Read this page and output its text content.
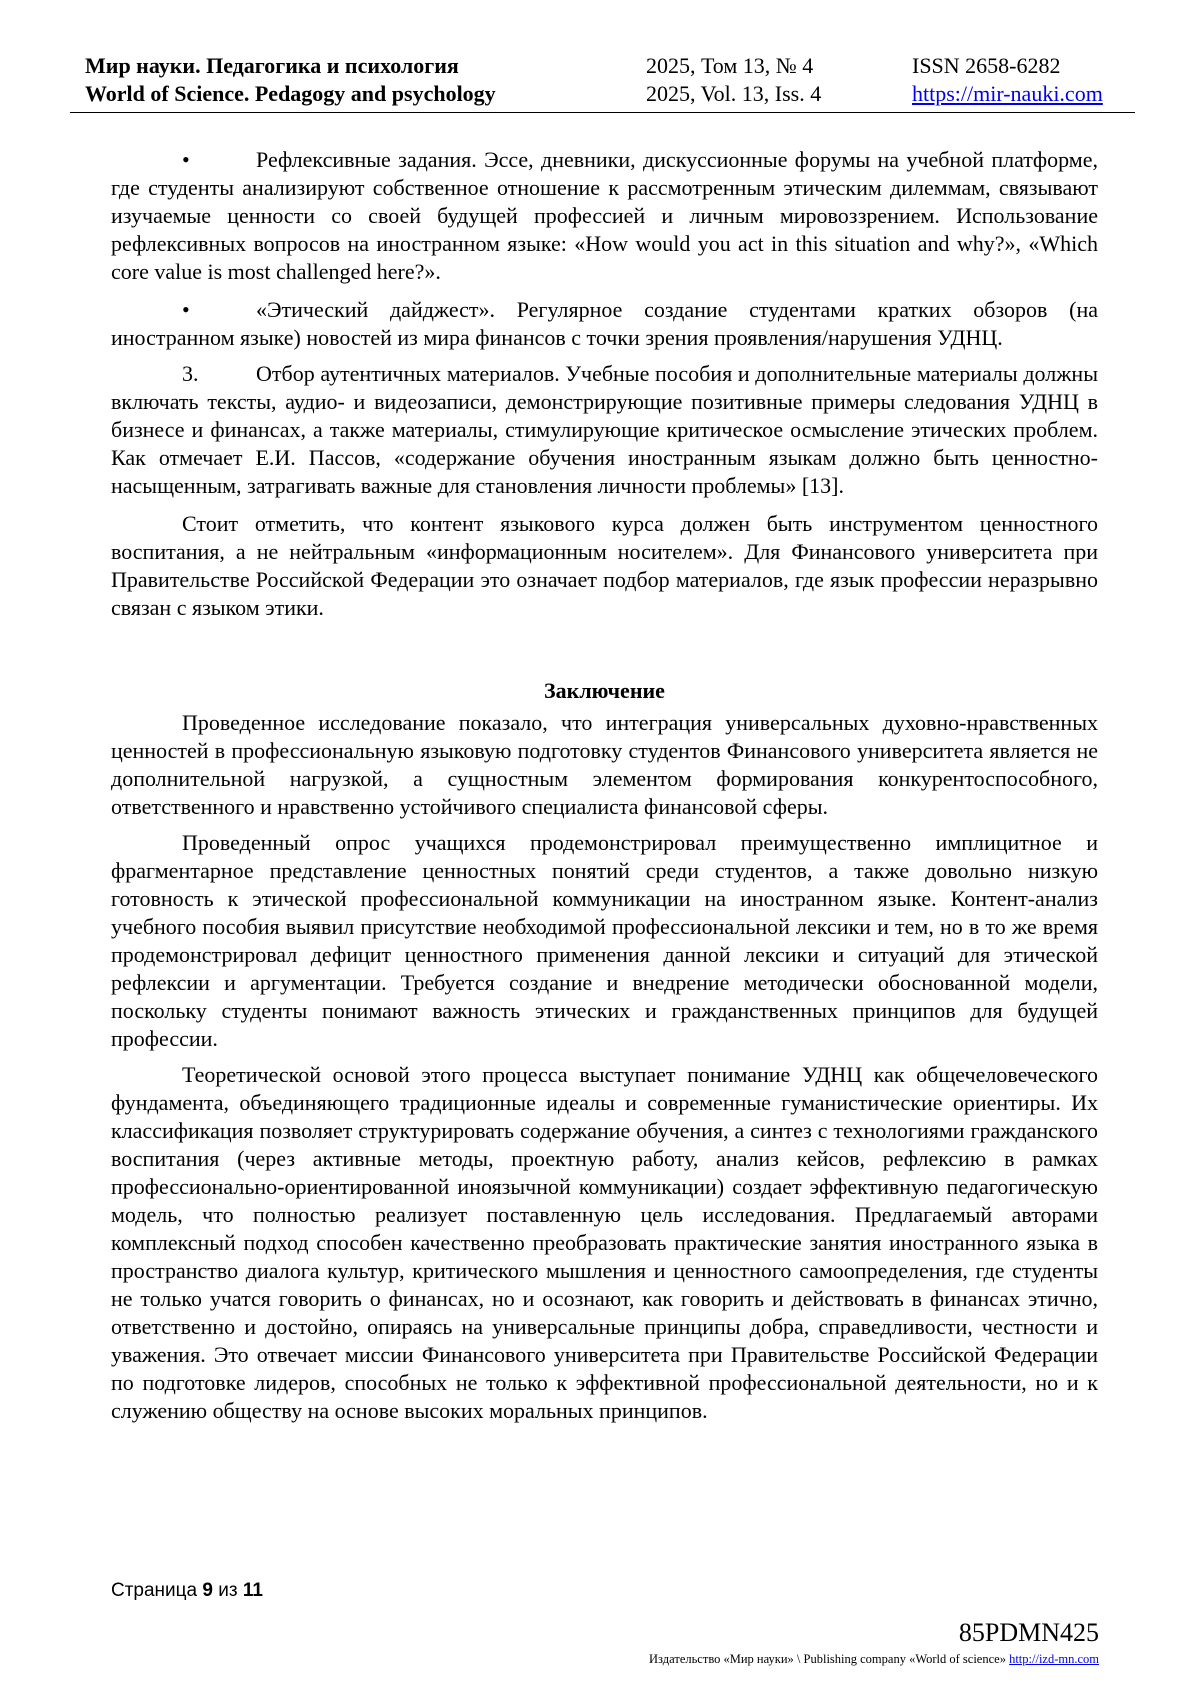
Мир науки. Педагогика и психология	2025, Том 13, № 4	ISSN 2658-6282
World of Science. Pedagogy and psychology	2025, Vol. 13, Iss. 4	https://mir-nauki.com

•	Рефлексивные задания. Эссе, дневники, дискуссионные форумы на учебной платформе, где студенты анализируют собственное отношение к рассмотренным этическим дилеммам, связывают изучаемые ценности со своей будущей профессией и личным мировоззрением. Использование рефлексивных вопросов на иностранном языке: «How would you act in this situation and why?», «Which core value is most challenged here?».

•	«Этический дайджест». Регулярное создание студентами кратких обзоров (на иностранном языке) новостей из мира финансов с точки зрения проявления/нарушения УДНЦ.

3.	Отбор аутентичных материалов. Учебные пособия и дополнительные материалы должны включать тексты, аудио- и видеозаписи, демонстрирующие позитивные примеры следования УДНЦ в бизнесе и финансах, а также материалы, стимулирующие критическое осмысление этических проблем. Как отмечает Е.И. Пассов, «содержание обучения иностранным языкам должно быть ценностно-насыщенным, затрагивать важные для становления личности проблемы» [13].

Стоит отметить, что контент языкового курса должен быть инструментом ценностного воспитания, а не нейтральным «информационным носителем». Для Финансового университета при Правительстве Российской Федерации это означает подбор материалов, где язык профессии неразрывно связан с языком этики.

Заключение

Проведенное исследование показало, что интеграция универсальных духовно-нравственных ценностей в профессиональную языковую подготовку студентов Финансового университета является не дополнительной нагрузкой, а сущностным элементом формирования конкурентоспособного, ответственного и нравственно устойчивого специалиста финансовой сферы.

Проведенный опрос учащихся продемонстрировал преимущественно имплицитное и фрагментарное представление ценностных понятий среди студентов, а также довольно низкую готовность к этической профессиональной коммуникации на иностранном языке. Контент-анализ учебного пособия выявил присутствие необходимой профессиональной лексики и тем, но в то же время продемонстрировал дефицит ценностного применения данной лексики и ситуаций для этической рефлексии и аргументации. Требуется создание и внедрение методически обоснованной модели, поскольку студенты понимают важность этических и гражданственных принципов для будущей профессии.

Теоретической основой этого процесса выступает понимание УДНЦ как общечеловеческого фундамента, объединяющего традиционные идеалы и современные гуманистические ориентиры. Их классификация позволяет структурировать содержание обучения, а синтез с технологиями гражданского воспитания (через активные методы, проектную работу, анализ кейсов, рефлексию в рамках профессионально-ориентированной иноязычной коммуникации) создает эффективную педагогическую модель, что полностью реализует поставленную цель исследования. Предлагаемый авторами комплексный подход способен качественно преобразовать практические занятия иностранного языка в пространство диалога культур, критического мышления и ценностного самоопределения, где студенты не только учатся говорить о финансах, но и осознают, как говорить и действовать в финансах этично, ответственно и достойно, опираясь на универсальные принципы добра, справедливости, честности и уважения. Это отвечает миссии Финансового университета при Правительстве Российской Федерации по подготовке лидеров, способных не только к эффективной профессиональной деятельности, но и к служению обществу на основе высоких моральных принципов.

Страница 9 из 11
85PDMN425
Издательство «Мир науки» \ Publishing company «World of science» http://izd-mn.com
